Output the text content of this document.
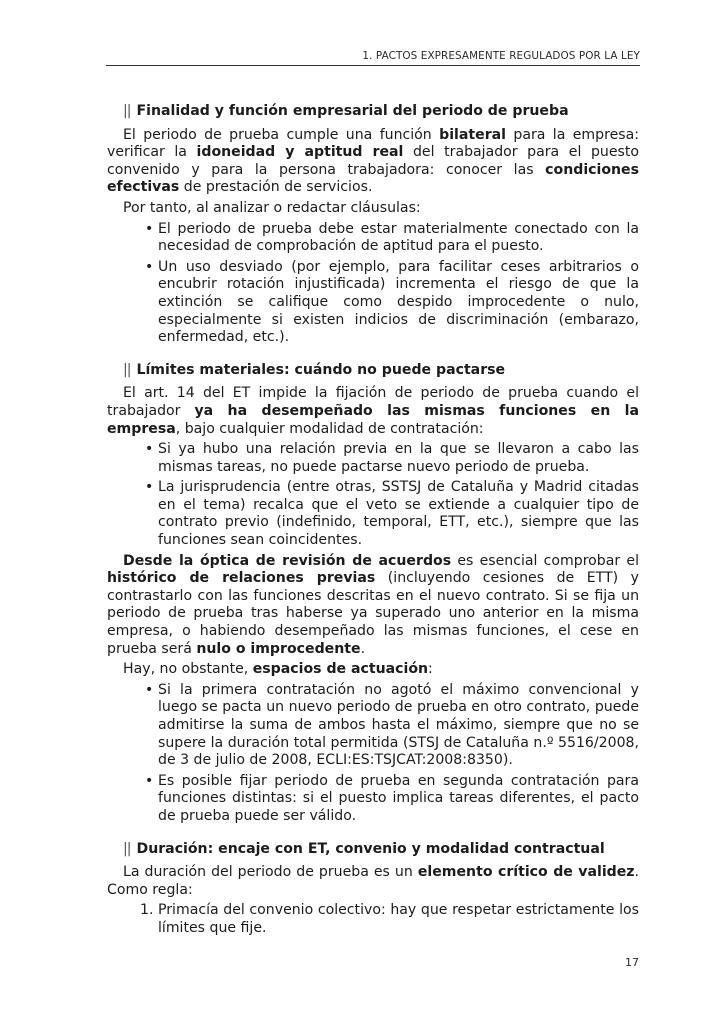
1. PACTOS EXPRESAMENTE REGULADOS POR LA LEY
|| Finalidad y función empresarial del periodo de prueba

El periodo de prueba cumple una función bilateral para la empresa: verificar la idoneidad y aptitud real del trabajador para el puesto convenido y para la persona trabajadora: conocer las condiciones efectivas de prestación de servicios.

Por tanto, al analizar o redactar cláusulas:

• El periodo de prueba debe estar materialmente conectado con la necesidad de comprobación de aptitud para el puesto.
• Un uso desviado (por ejemplo, para facilitar ceses arbitrarios o encubrir rotación injustificada) incrementa el riesgo de que la extinción se califique como despido improcedente o nulo, especialmente si existen indicios de discriminación (embarazo, enfermedad, etc.).
|| Límites materiales: cuándo no puede pactarse

El art. 14 del ET impide la fijación de periodo de prueba cuando el trabajador ya ha desempeñado las mismas funciones en la empresa, bajo cualquier modalidad de contratación:

• Si ya hubo una relación previa en la que se llevaron a cabo las mismas tareas, no puede pactarse nuevo periodo de prueba.
• La jurisprudencia (entre otras, SSTSJ de Cataluña y Madrid citadas en el tema) recalca que el veto se extiende a cualquier tipo de contrato previo (indefinido, temporal, ETT, etc.), siempre que las funciones sean coincidentes.

Desde la óptica de revisión de acuerdos es esencial comprobar el histórico de relaciones previas (incluyendo cesiones de ETT) y contrastarlo con las funciones descritas en el nuevo contrato. Si se fija un periodo de prueba tras haberse ya superado uno anterior en la misma empresa, o habiendo desempeñado las mismas funciones, el cese en prueba será nulo o improcedente.

Hay, no obstante, espacios de actuación:

• Si la primera contratación no agotó el máximo convencional y luego se pacta un nuevo periodo de prueba en otro contrato, puede admitirse la suma de ambos hasta el máximo, siempre que no se supere la duración total permitida (STSJ de Cataluña n.º 5516/2008, de 3 de julio de 2008, ECLI:ES:TSJCAT:2008:8350).
• Es posible fijar periodo de prueba en segunda contratación para funciones distintas: si el puesto implica tareas diferentes, el pacto de prueba puede ser válido.
|| Duración: encaje con ET, convenio y modalidad contractual

La duración del periodo de prueba es un elemento crítico de validez. Como regla:

1. Primacía del convenio colectivo: hay que respetar estrictamente los límites que fije.
17
